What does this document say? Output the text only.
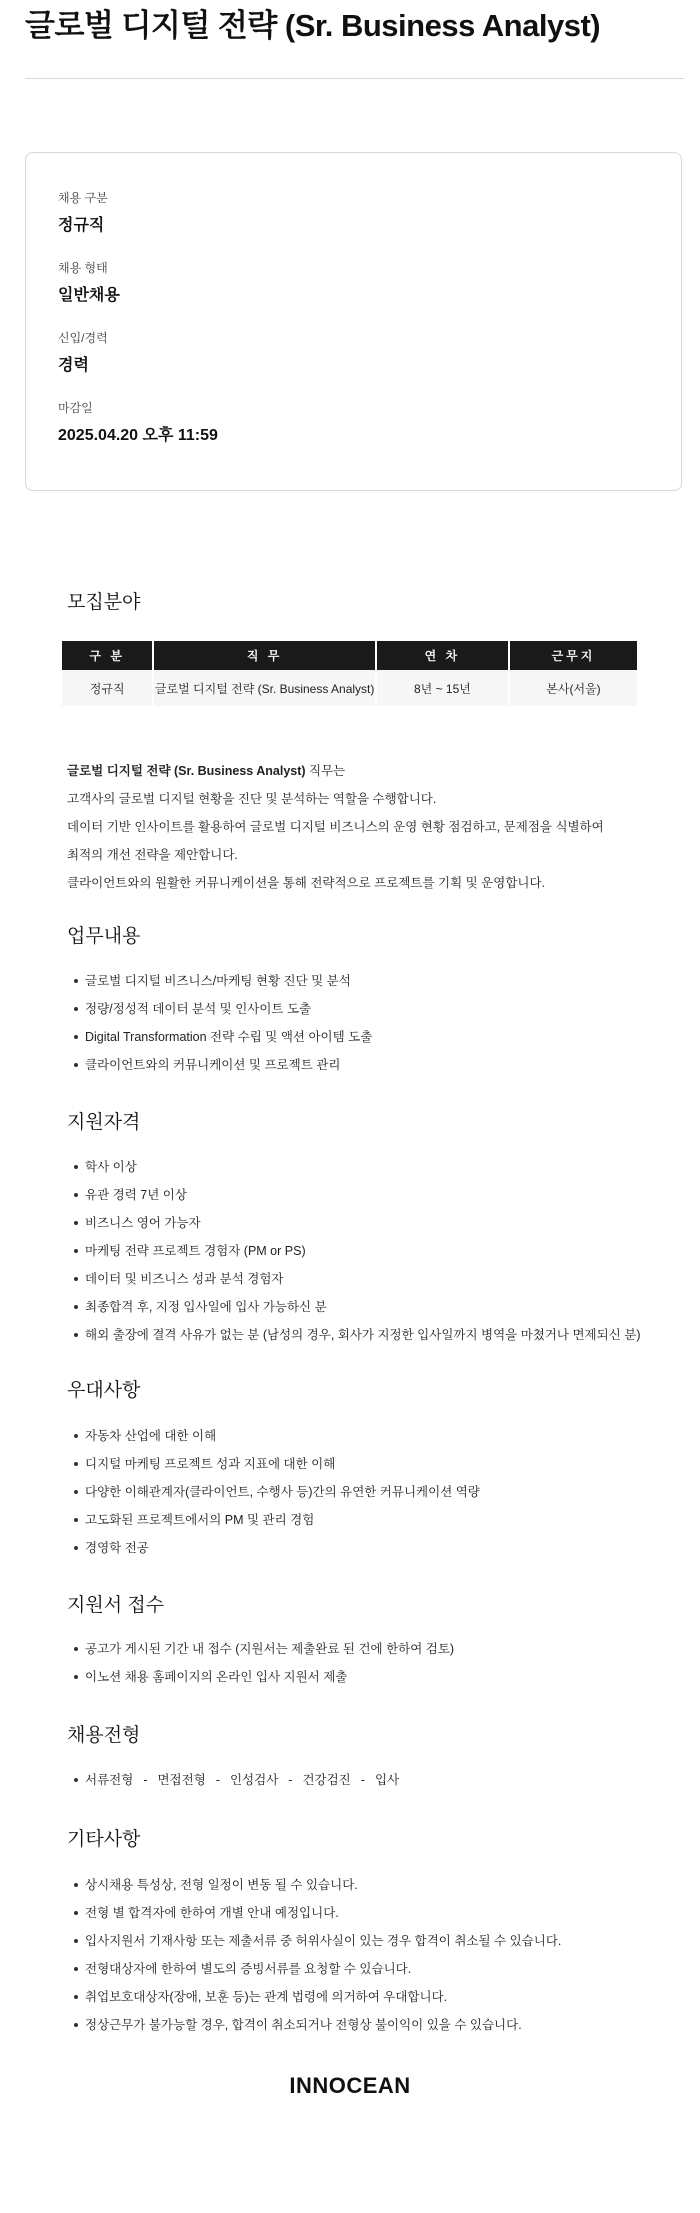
글로벌 디지털 전략 (Sr. Business Analyst)
채용 구분
정규직
채용 형태
일반채용
신입/경력
경력
마감일
2025.04.20 오후 11:59
모집분야
구 분	직 무	연 차	근무지
정규직	글로벌 디지털 전략 (Sr. Business Analyst)	8년 ~ 15년	본사(서울)

글로벌 디지털 전략 (Sr. Business Analyst) 직무는

고객사의 글로벌 디지털 현황을 진단 및 분석하는 역할을 수행합니다.

데이터 기반 인사이트를 활용하여 글로벌 디지털 비즈니스의 운영 현황 점검하고, 문제점을 식별하여

최적의 개선 전략을 제안합니다.

클라이언트와의 원활한 커뮤니케이션을 통해 전략적으로 프로젝트를 기획 및 운영합니다.

업무내용
글로벌 디지털 비즈니스/마케팅 현황 진단 및 분석
정량/정성적 데이터 분석 및 인사이트 도출
Digital Transformation 전략 수립 및 액션 아이템 도출
클라이언트와의 커뮤니케이션 및 프로젝트 관리
지원자격
학사 이상
유관 경력 7년 이상
비즈니스 영어 가능자
마케팅 전략 프로젝트 경험자 (PM or PS)
데이터 및 비즈니스 성과 분석 경험자
최종합격 후, 지정 입사일에 입사 가능하신 분
해외 출장에 결격 사유가 없는 분 (남성의 경우, 회사가 지정한 입사일까지 병역을 마쳤거나 면제되신 분)
우대사항
자동차 산업에 대한 이해
디지털 마케팅 프로젝트 성과 지표에 대한 이해
다양한 이해관계자(클라이언트, 수행사 등)간의 유연한 커뮤니케이션 역량
고도화된 프로젝트에서의 PM 및 관리 경험
경영학 전공
지원서 접수
공고가 게시된 기간 내 접수 (지원서는 제출완료 된 건에 한하여 검토)
이노션 채용 홈페이지의 온라인 입사 지원서 제출
채용전형
서류전형 - 면접전형 - 인성검사 - 건강검진 - 입사
기타사항
상시채용 특성상, 전형 일정이 변동 될 수 있습니다.
전형 별 합격자에 한하여 개별 안내 예정입니다.
입사지원서 기재사항 또는 제출서류 중 허위사실이 있는 경우 합격이 취소될 수 있습니다.
전형대상자에 한하여 별도의 증빙서류를 요청할 수 있습니다.
취업보호대상자(장애, 보훈 등)는 관계 법령에 의거하여 우대합니다.
정상근무가 불가능할 경우, 합격이 취소되거나 전형상 불이익이 있을 수 있습니다.
INNOCEAN
